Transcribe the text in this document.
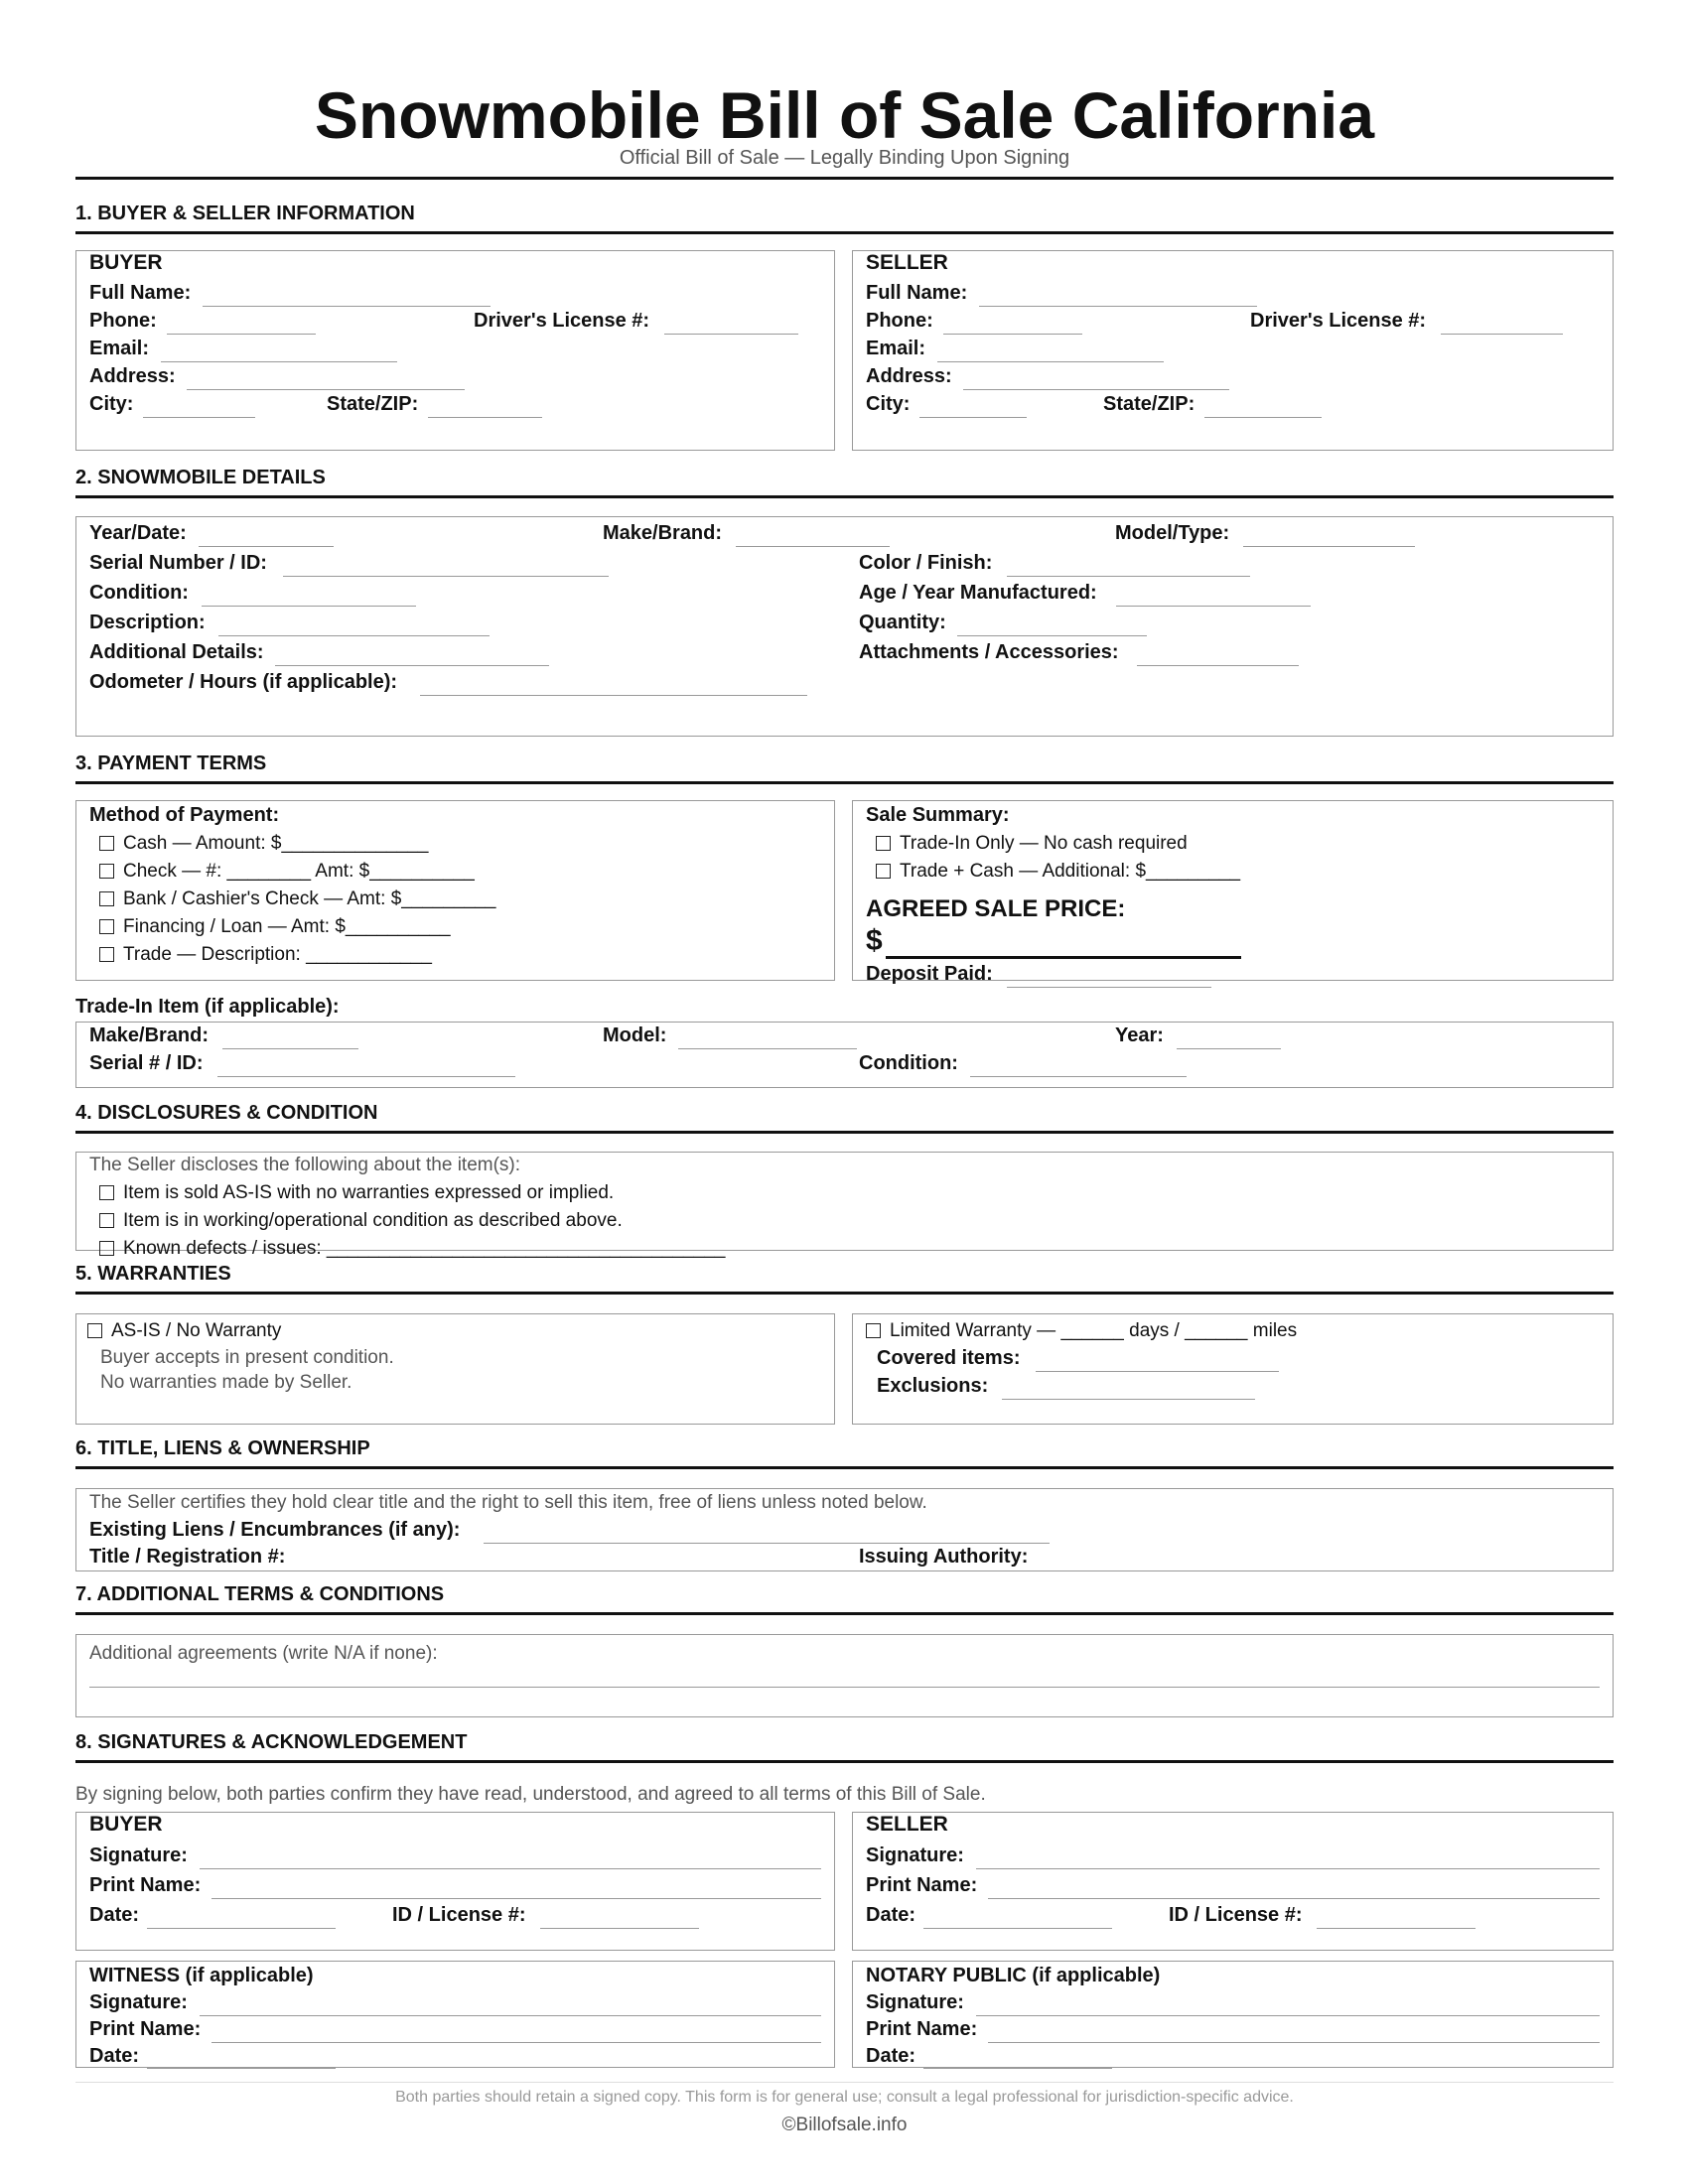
Snowmobile Bill of Sale California
Official Bill of Sale — Legally Binding Upon Signing
1. BUYER & SELLER INFORMATION
BUYER
Full Name:
Phone:	Driver's License #:
Email:
Address:
City:	State/ZIP:
SELLER
Full Name:
Phone:	Driver's License #:
Email:
Address:
City:	State/ZIP:
2. SNOWMOBILE DETAILS
Year/Date:	Make/Brand:	Model/Type:
Serial Number / ID:	Color / Finish:
Condition:	Age / Year Manufactured:
Description:	Quantity:
Additional Details:	Attachments / Accessories:
Odometer / Hours (if applicable):
3. PAYMENT TERMS
Method of Payment:
Cash — Amount: $______________
Check — #: ________ Amt: $__________
Bank / Cashier's Check — Amt: $_________
Financing / Loan — Amt: $__________
Trade — Description: ____________
Sale Summary:
Trade-In Only — No cash required
Trade + Cash — Additional: $_________
AGREED SALE PRICE:
$
Deposit Paid:
Trade-In Item (if applicable):
Make/Brand:	Model:	Year:
Serial # / ID:	Condition:
4. DISCLOSURES & CONDITION
The Seller discloses the following about the item(s):
Item is sold AS-IS with no warranties expressed or implied.
Item is in working/operational condition as described above.
Known defects / issues: ______________________________________
5. WARRANTIES
AS-IS / No Warranty
Buyer accepts in present condition.
No warranties made by Seller.
Limited Warranty — ______ days / ______ miles
Covered items:
Exclusions:
6. TITLE, LIENS & OWNERSHIP
The Seller certifies they hold clear title and the right to sell this item, free of liens unless noted below.
Existing Liens / Encumbrances (if any):
Title / Registration #:	Issuing Authority:
7. ADDITIONAL TERMS & CONDITIONS
Additional agreements (write N/A if none):
8. SIGNATURES & ACKNOWLEDGEMENT
By signing below, both parties confirm they have read, understood, and agreed to all terms of this Bill of Sale.
BUYER
Signature:
Print Name:
Date:	ID / License #:
SELLER
Signature:
Print Name:
Date:	ID / License #:
WITNESS (if applicable)
Signature:
Print Name:
Date:
NOTARY PUBLIC (if applicable)
Signature:
Print Name:
Date:
Both parties should retain a signed copy. This form is for general use; consult a legal professional for jurisdiction-specific advice.
©Billofsale.info
